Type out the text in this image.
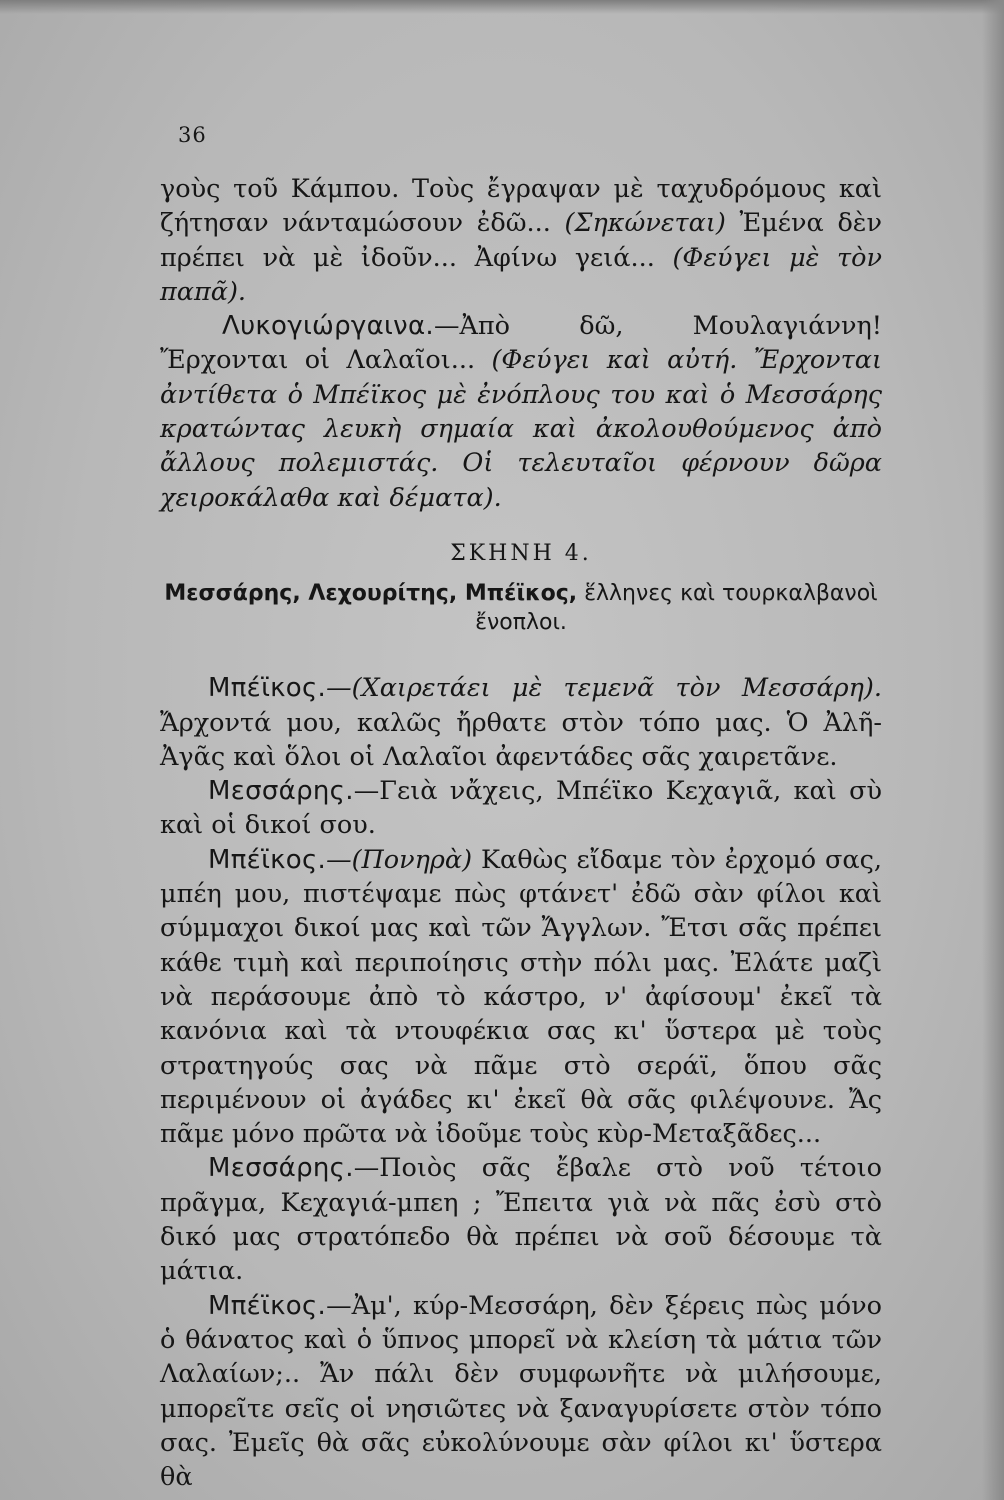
36

γοὺς τοῦ Κάμπου. Τοὺς ἔγραψαν μὲ ταχυδρόμους καὶ ζήτησαν νάνταμώσουν ἐδῶ... (Σηκώνεται) Ἐμένα δὲν πρέπει νὰ μὲ ἰδοῦν... Ἀφίνω γειά... (Φεύγει μὲ τὸν παπᾶ).

Λυκογιώργαινα.—Ἀπὸ δῶ, Μουλαγιάννη! Ἔρχονται οἱ Λαλαῖοι... (Φεύγει καὶ αὐτή. Ἔρχονται ἀντίθετα ὁ Μπέϊκος μὲ ἐνόπλους του καὶ ὁ Μεσσάρης κρατώντας λευκὴ σημαία καὶ ἀκολουθούμενος ἀπὸ ἄλλους πολεμιστάς. Οἱ τελευταῖοι φέρνουν δῶρα χειροκάλαθα καὶ δέματα).

ΣΚΗΝΗ 4.

Μεσσάρης, Λεχουρίτης, Μπέϊκος, ἕλληνες καὶ τουρκαλβανοὶ ἔνοπλοι.

Μπέϊκος.—(Χαιρετάει μὲ τεμενᾶ τὸν Μεσσάρη). Ἄρχοντά μου, καλῶς ἤρθατε στὸν τόπο μας. Ὁ Ἀλῆ-Ἀγᾶς καὶ ὅλοι οἱ Λαλαῖοι ἀφεντάδες σᾶς χαιρετᾶνε.

Μεσσάρης.—Γειὰ νἄχεις, Μπέϊκο Κεχαγιᾶ, καὶ σὺ καὶ οἱ δικοί σου.

Μπέϊκος.—(Πονηρὰ) Καθὼς εἴδαμε τὸν ἐρχομό σας, μπέη μου, πιστέψαμε πὼς φτάνετ' ἐδῶ σὰν φίλοι καὶ σύμμαχοι δικοί μας καὶ τῶν Ἄγγλων. Ἔτσι σᾶς πρέπει κάθε τιμὴ καὶ περιποίησις στὴν πόλι μας. Ἐλάτε μαζὶ νὰ περάσουμε ἀπὸ τὸ κάστρο, ν' ἀφίσουμ' ἐκεῖ τὰ κανόνια καὶ τὰ ντουφέκια σας κι' ὕστερα μὲ τοὺς στρατηγούς σας νὰ πᾶμε στὸ σεράϊ, ὅπου σᾶς περιμένουν οἱ ἀγάδες κι' ἐκεῖ θὰ σᾶς φιλέψουνε. Ἄς πᾶμε μόνο πρῶτα νὰ ἰδοῦμε τοὺς κὺρ-Μεταξᾶδες...

Μεσσάρης.—Ποιὸς σᾶς ἔβαλε στὸ νοῦ τέτοιο πρᾶγμα, Κεχαγιά-μπεη ; Ἔπειτα γιὰ νὰ πᾶς ἐσὺ στὸ δικό μας στρατόπεδο θὰ πρέπει νὰ σοῦ δέσουμε τὰ μάτια.

Μπέϊκος.—Ἀμ', κύρ-Μεσσάρη, δὲν ξέρεις πὼς μόνο ὁ θάνατος καὶ ὁ ὕπνος μπορεῖ νὰ κλείση τὰ μάτια τῶν Λαλαίων;.. Ἄν πάλι δὲν συμφωνῆτε νὰ μιλήσουμε, μπορεῖτε σεῖς οἱ νησιῶτες νὰ ξαναγυρίσετε στὸν τόπο σας. Ἐμεῖς θὰ σᾶς εὐκολύνουμε σὰν φίλοι κι' ὕστερα θὰ
